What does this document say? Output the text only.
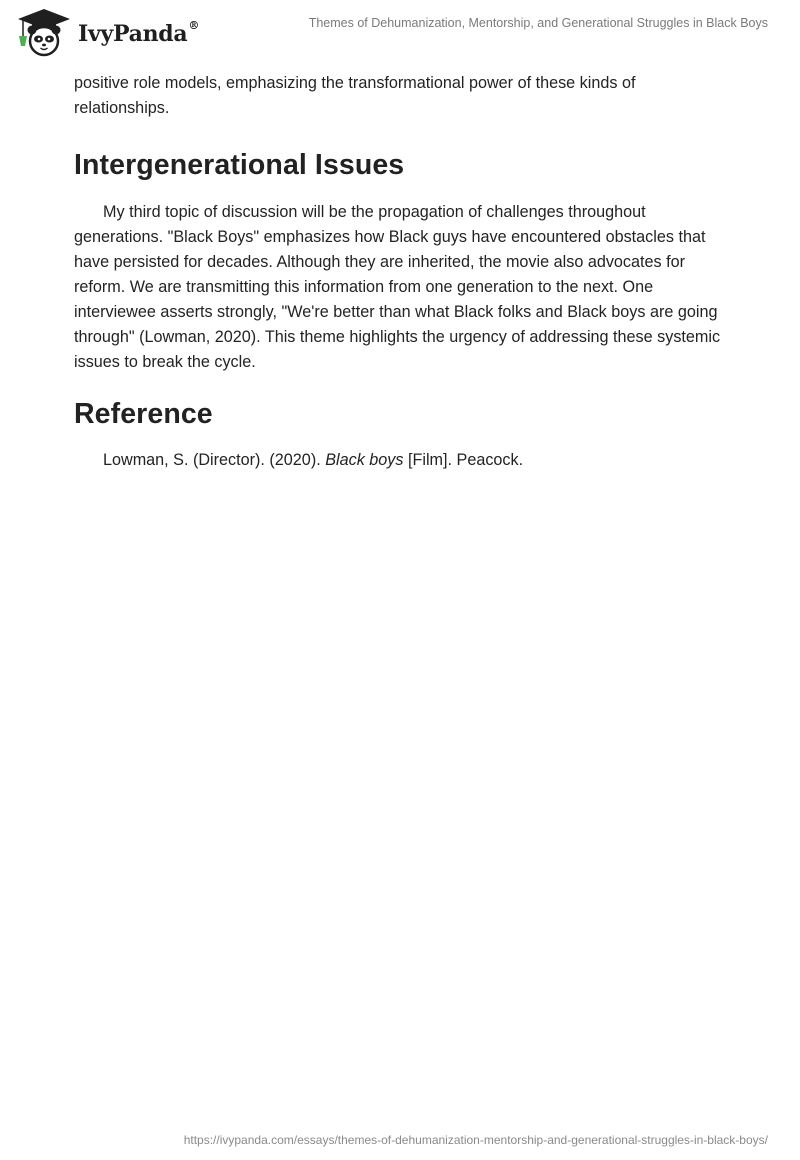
IvyPanda®	Themes of Dehumanization, Mentorship, and Generational Struggles in Black Boys

positive role models, emphasizing the transformational power of these kinds of relationships.

Intergenerational Issues

My third topic of discussion will be the propagation of challenges throughout generations. "Black Boys" emphasizes how Black guys have encountered obstacles that have persisted for decades. Although they are inherited, the movie also advocates for reform. We are transmitting this information from one generation to the next. One interviewee asserts strongly, "We're better than what Black folks and Black boys are going through" (Lowman, 2020). This theme highlights the urgency of addressing these systemic issues to break the cycle.

Reference

Lowman, S. (Director). (2020). Black boys [Film]. Peacock.

https://ivypanda.com/essays/themes-of-dehumanization-mentorship-and-generational-struggles-in-black-boys/
